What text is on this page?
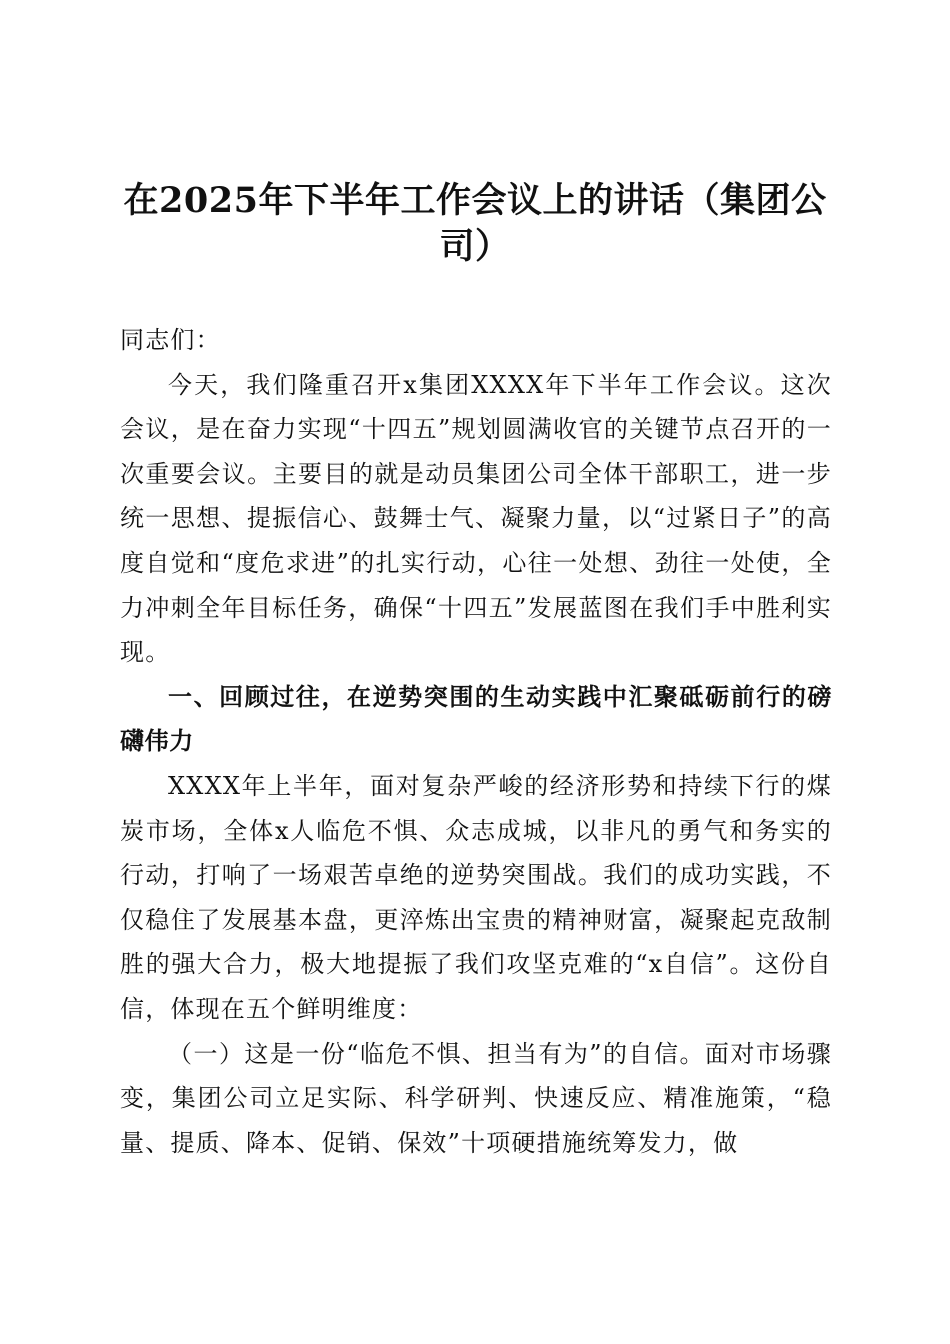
在2025年下半年工作会议上的讲话（集团公司）

同志们：

今天，我们隆重召开x集团XXXX年下半年工作会议。这次会议，是在奋力实现“十四五”规划圆满收官的关键节点召开的一次重要会议。主要目的就是动员集团公司全体干部职工，进一步统一思想、提振信心、鼓舞士气、凝聚力量，以“过紧日子”的高度自觉和“度危求进”的扎实行动，心往一处想、劲往一处使，全力冲刺全年目标任务，确保“十四五”发展蓝图在我们手中胜利实现。

一、回顾过往，在逆势突围的生动实践中汇聚砥砺前行的磅礴伟力

XXXX年上半年，面对复杂严峻的经济形势和持续下行的煤炭市场，全体x人临危不惧、众志成城，以非凡的勇气和务实的行动，打响了一场艰苦卓绝的逆势突围战。我们的成功实践，不仅稳住了发展基本盘，更淬炼出宝贵的精神财富，凝聚起克敌制胜的强大合力，极大地提振了我们攻坚克难的“x自信”。这份自信，体现在五个鲜明维度：

（一）这是一份“临危不惧、担当有为”的自信。面对市场骤变，集团公司立足实际、科学研判、快速反应、精准施策，“稳量、提质、降本、促销、保效”十项硬措施统筹发力，做
